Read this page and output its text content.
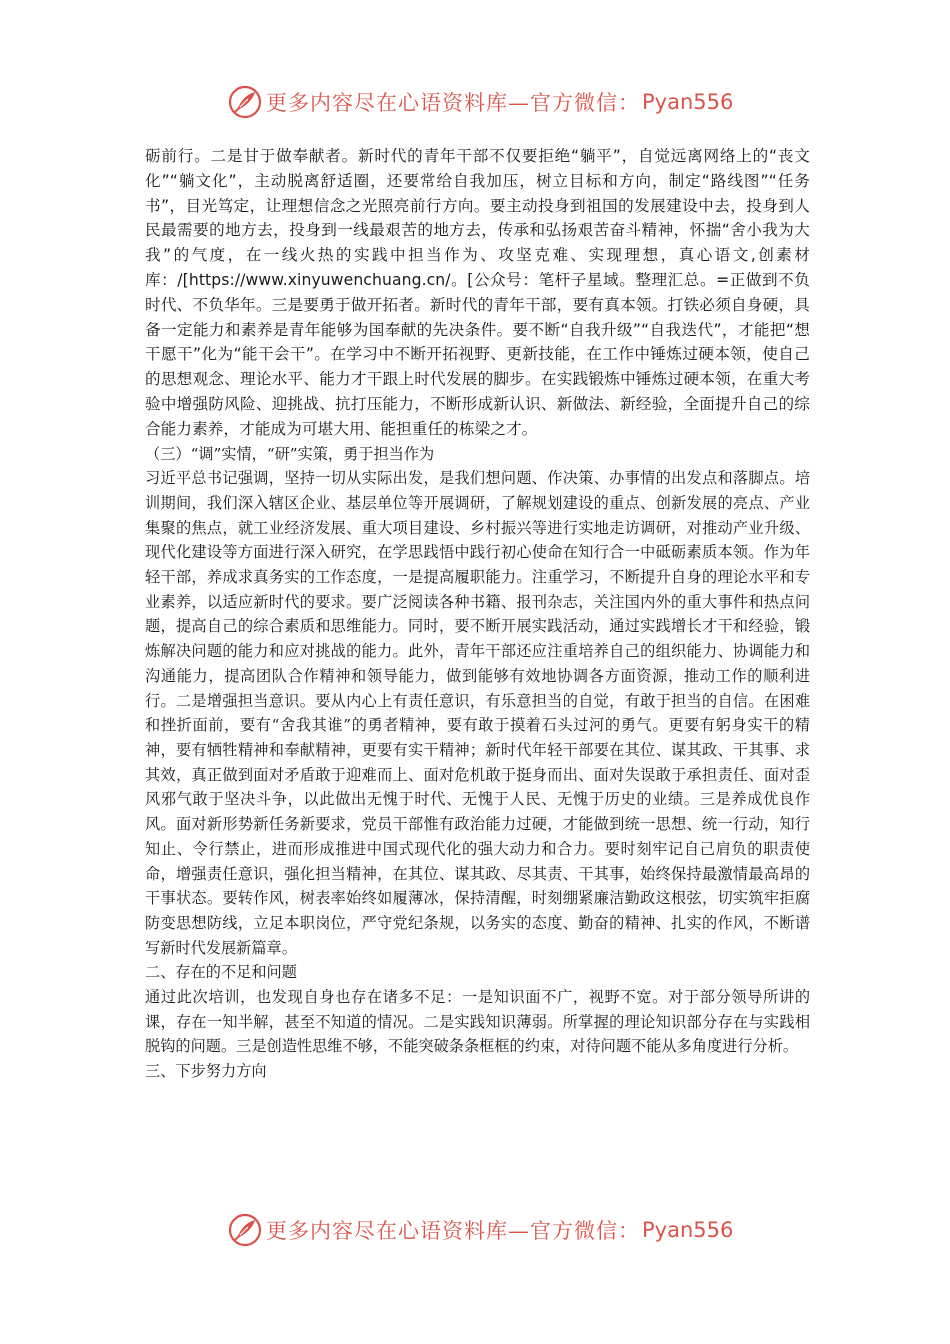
更多内容尽在心语资料库—官方微信： Pyan556

砺前行。二是甘于做奉献者。新时代的青年干部不仅要拒绝“躺平”，自觉远离网络上的“丧文化”“躺文化”，主动脱离舒适圈，还要常给自我加压，树立目标和方向，制定“路线图”“任务书”，目光笃定，让理想信念之光照亮前行方向。要主动投身到祖国的发展建设中去，投身到人民最需要的地方去，投身到一线最艰苦的地方去，传承和弘扬艰苦奋斗精神，怀揣“舍小我为大我”的气度，在一线火热的实践中担当作为、攻坚克难、实现理想，真心语文,创素材库：/[https://www.xinyuwenchuang.cn/。[公众号：笔杆子星域。整理汇总。=正做到不负时代、不负华年。三是要勇于做开拓者。新时代的青年干部，要有真本领。打铁必须自身硬，具备一定能力和素养是青年能够为国奉献的先决条件。要不断“自我升级”“自我迭代”，才能把“想干愿干”化为“能干会干”。在学习中不断开拓视野、更新技能，在工作中锤炼过硬本领，使自己的思想观念、理论水平、能力才干跟上时代发展的脚步。在实践锻炼中锤炼过硬本领，在重大考验中增强防风险、迎挑战、抗打压能力，不断形成新认识、新做法、新经验，全面提升自己的综合能力素养，才能成为可堪大用、能担重任的栋梁之才。

（三）“调”实情，“研”实策，勇于担当作为

习近平总书记强调，坚持一切从实际出发，是我们想问题、作决策、办事情的出发点和落脚点。培训期间，我们深入辖区企业、基层单位等开展调研，了解规划建设的重点、创新发展的亮点、产业集聚的焦点，就工业经济发展、重大项目建设、乡村振兴等进行实地走访调研，对推动产业升级、现代化建设等方面进行深入研究，在学思践悟中践行初心使命在知行合一中砥砺素质本领。作为年轻干部，养成求真务实的工作态度，一是提高履职能力。注重学习，不断提升自身的理论水平和专业素养，以适应新时代的要求。要广泛阅读各种书籍、报刊杂志，关注国内外的重大事件和热点问题，提高自己的综合素质和思维能力。同时，要不断开展实践活动，通过实践增长才干和经验，锻炼解决问题的能力和应对挑战的能力。此外，青年干部还应注重培养自己的组织能力、协调能力和沟通能力，提高团队合作精神和领导能力，做到能够有效地协调各方面资源，推动工作的顺利进行。二是增强担当意识。要从内心上有责任意识，有乐意担当的自觉，有敢于担当的自信。在困难和挫折面前，要有“舍我其谁”的勇者精神，要有敢于摸着石头过河的勇气。更要有躬身实干的精神，要有牺牲精神和奉献精神，更要有实干精神；新时代年轻干部要在其位、谋其政、干其事、求其效，真正做到面对矛盾敢于迎难而上、面对危机敢于挺身而出、面对失误敢于承担责任、面对歪风邪气敢于坚决斗争，以此做出无愧于时代、无愧于人民、无愧于历史的业绩。三是养成优良作风。面对新形势新任务新要求，党员干部惟有政治能力过硬，才能做到统一思想、统一行动，知行知止、令行禁止，进而形成推进中国式现代化的强大动力和合力。要时刻牢记自己肩负的职责使命，增强责任意识，强化担当精神，在其位、谋其政、尽其责、干其事，始终保持最激情最高昂的干事状态。要转作风，树表率始终如履薄冰，保持清醒，时刻绷紧廉洁勤政这根弦，切实筑牢拒腐防变思想防线，立足本职岗位，严守党纪条规，以务实的态度、勤奋的精神、扎实的作风，不断谱写新时代发展新篇章。

二、存在的不足和问题

通过此次培训，也发现自身也存在诸多不足：一是知识面不广，视野不宽。对于部分领导所讲的课，存在一知半解，甚至不知道的情况。二是实践知识薄弱。所掌握的理论知识部分存在与实践相脱钩的问题。三是创造性思维不够，不能突破条条框框的约束，对待问题不能从多角度进行分析。

三、下步努力方向

更多内容尽在心语资料库—官方微信： Pyan556
